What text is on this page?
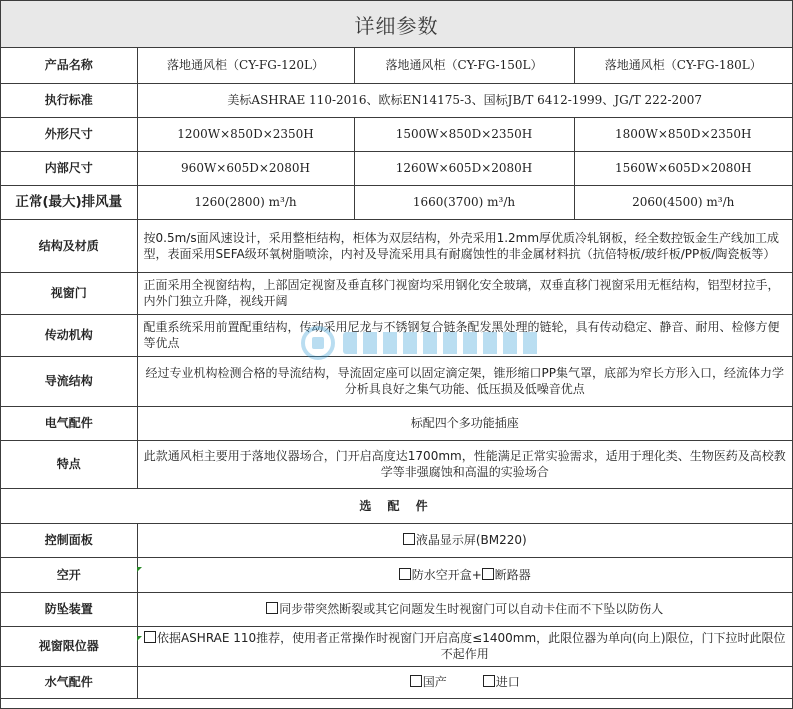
详细参数
产品名称	落地通风柜（CY-FG-120L）	落地通风柜（CY-FG-150L）	落地通风柜（CY-FG-180L）
执行标准	美标ASHRAE 110-2016、欧标EN14175-3、国标JB/T 6412-1999、JG/T 222-2007		
外形尺寸	1200W×850D×2350H	1500W×850D×2350H	1800W×850D×2350H
内部尺寸	960W×605D×2080H	1260W×605D×2080H	1560W×605D×2080H
正常(最大)排风量	1260(2800) m³/h	1660(3700) m³/h	2060(4500) m³/h
结构及材质	按0.5m/s面风速设计，采用整柜结构，柜体为双层结构，外壳采用1.2mm厚优质冷轧钢板，经全数控钣金生产线加工成型，表面采用SEFA级环氧树脂喷涂，内衬及导流采用具有耐腐蚀性的非金属材料抗（抗倍特板/玻纤板/PP板/陶瓷板等）		
视窗门	正面采用全视窗结构，上部固定视窗及垂直移门视窗均采用钢化安全玻璃，双垂直移门视窗采用无框结构，铝型材拉手，内外门独立升降，视线开阔		
传动机构	配重系统采用前置配重结构，传动采用尼龙与不锈钢复合链条配发黑处理的链轮，具有传动稳定、静音、耐用、检修方便等优点		
导流结构	经过专业机构检测合格的导流结构，导流固定座可以固定滴定架，锥形缩口PP集气罩，底部为窄长方形入口，经流体力学分析具良好之集气功能、低压损及低噪音优点		
电气配件	标配四个多功能插座		
特点	此款通风柜主要用于落地仪器场合，门开启高度达1700mm，性能满足正常实验需求，适用于理化类、生物医药及高校教学等非强腐蚀和高温的实验场合		
选 配 件			
控制面板	液晶显示屏(BM220)		
空开	防水空开盒+ 断路器		
防坠装置	同步带突然断裂或其它问题发生时视窗门可以自动卡住而不下坠以防伤人		
视窗限位器	依据ASHRAE 110推荐，使用者正常操作时视窗门开启高度≤1400mm，此限位器为单向(向上)限位，门下拉时此限位不起作用		
水气配件	国产 进口		
